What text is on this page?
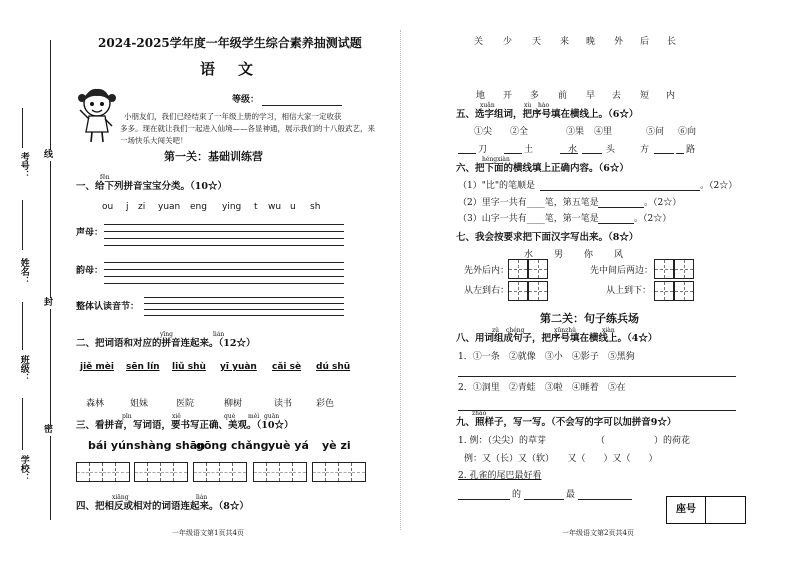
考号： 线
姓名：
封
班级：
密
学校：
2024-2025学年度一年级学生综合素养抽测试题
语　文
等级：
小朋友们，我们已经结束了一年级上册的学习，相信大家一定收获
多多。现在就让我们一起进入仙境——各显神通，展示我们的十八般武艺，来
一场快乐大闯关吧！
第一关：基础训练营
fēn
一、给下列拼音宝宝分类。（10☆）
ou j zi yuan eng ying t wu u sh
声母：
韵母：
整体认读音节：
yīng	lián
二、把词语和对应的拼音连起来。（12☆）
jiě mèi sēn lín liǔ shù yī yuàn cǎi sè dú shū
森林	姐妹	医院	柳树	读书	彩色
pīn	xiě	què měi guān
三、看拼音，写词语，要书写正确、美观。（10☆）
bái yún shàng shān
gōng chǎng yuè yá yè zi
xiāng	lián
四、把相反或相对的词语连起来。（8☆）
一年级语文第1页共4页
关 少 天 来 晚 外 后 长
地 开 多 前 早 去 短 内
xuǎn	xù hào
五、选字组词，把序号填在横线上。（6☆）
①尖 ②全	③果 ④里	⑤问 ⑥向
刀	土	水	头	方	路
héngxiàn
六、把下面的横线填上正确内容。（6☆）
（1）"比"的笔顺是	。（2☆）
（2）里字一共有____笔，第五笔是	。（2☆）
（3）山字一共有____笔，第一笔是	。（2☆）
七、我会按要求把下面汉字写出来。（8☆）
水 男 你 风
先外后内：
从左到右：
先中间后两边：
从上到下：
第二关：句子练兵场
zǔ chéng	xūnzhǔ	xiàn
八、用词组成句子，把序号填在横线上。（4☆）
1．①一条　②就像　③小　④影子　⑤黑狗
2．①洞里　②青蛙　③啦　④睡着　⑤在
zhào
九、照样子，写一写。（不会写的字可以加拼音9☆）
1. 例：（尖尖）的草芽	（	）的荷花
例：又（长）又（软）　　又（　　）又（　　）
2. 孔雀的尾巴最好看
的	最
座号
一年级语文第2页共4页
